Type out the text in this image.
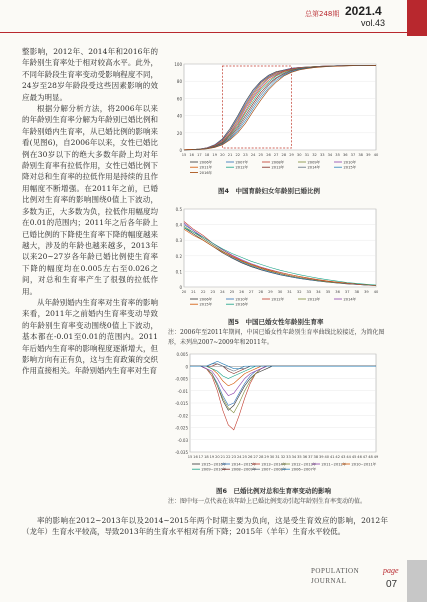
总第248期 2021.4
vol.43

整影响，2012年、2014年和2016年的年龄别生育率处于相对较高水平。此外，不同年龄段生育率变动受影响程度不同，24岁至28岁年龄段受这些因素影响的效应最为明显。

根据分解分析方法，将2006年以来的年龄别生育率分解为年龄别已婚比例和年龄别婚内生育率，从已婚比例的影响来看(见图6)，自2006年以来，女性已婚比例在30岁以下的绝大多数年龄上均对年龄别生育率有拉低作用，女性已婚比例下降对总和生育率的拉低作用是持续的且作用幅度不断增强。在2011年之前，已婚比例对生育率的影响围绕0值上下波动，多数为正，大多数为负，拉低作用幅度均在0.01的范围内；2011年之后各年龄上已婚比例的下降使生育率下降的幅度越来越大，涉及的年龄也越来越多，2013年以来20~27岁各年龄已婚比例使生育率下降的幅度均在0.005左右至0.026之间，对总和生育率产生了很强的拉低作用。

从年龄别婚内生育率对生育率的影响来看，2011年之前婚内生育率变动导致的年龄别生育率变动围绕0值上下波动，基本都在-0.01至0.01的范围内。2011年后婚内生育率的影响程度逐渐增大，但影响方向有正有负，这与生育政策的交织作用直接相关。年龄别婚内生育率对生育

0
20
40
60
80
100
15 16 17 18 19 20 21 22 23 24 25 26 27 28 29 30 31 32 33 34 35 36 37 38 39 40
2006年	2007年	2008年	2009年	2010年
2011年	2012年	2013年	2014年	2015年
2016年
图4　中国育龄妇女年龄别已婚比例
0
0.1
0.2
0.3
0.4
0.5
20 21 22 23 24 25 26 27 28 29 30 31 32 33 34 35 36 37 38 39 40
2006年	2010年	2012年	2013年	2014年
2015年	2016年
图5　中国已婚女性年龄别生育率
注：2006年至2011年期间，中国已婚女性年龄别生育率曲线比较接近，为简化图形，未列出2007~2009年和2011年。
0.005
0
-0.005
-0.01
-0.015
-0.02
-0.025
-0.03
-0.035
15 16 17 18 19 20 21 22 23 24 25 26 27 28 29 30 31 32 33 34 35 36 37 38 39 40 41 42 43 44 45 46 47 48 49
2015~2016年 2014~2015年 2013~2014年 2012~2013年 2011~2012年 2010~2011年
2009~2010年 2008~2009年 2007~2008年 2006~2007年
图6　已婚比例对总和生育率变动的影响
注：图中每一点代表在该年龄上已婚比例变动引起年龄别生育率变动的值。

率的影响在2012~2013年以及2014~2015年两个时期主要为负向，这是受生育效应的影响，2012年（龙年）生育水平较高，导致2013年的生育水平相对有所下降；2015年（羊年）生育水平较低。

POPULATION
JOURNAL
page
07
